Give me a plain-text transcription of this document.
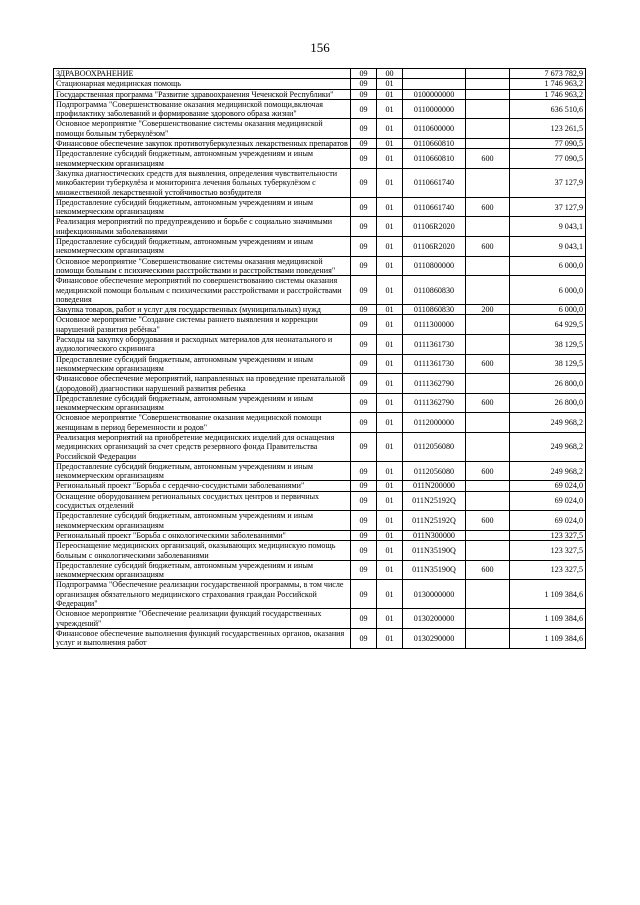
156
ЗДРАВООХРАНЕНИЕ	09	00			7 673 782,9
Стационарная медицинская помощь	09	01			1 746 963,2
Государственная программа "Развитие здравоохранения Чеченской Республики"	09	01	0100000000		1 746 963,2
Подпрограмма "Совершенствование оказания медицинской помощи,включая профилактику заболеваний и формирование здорового образа жизни"	09	01	0110000000		636 510,6
Основное мероприятие "Совершенствование системы оказания медицинской помощи больным туберкулёзом"	09	01	0110600000		123 261,5
Финансовое обеспечение закупок противотуберкулезных лекарственных препаратов	09	01	0110660810		77 090,5
Предоставление субсидий бюджетным, автономным учреждениям и иным некоммерческим организациям	09	01	0110660810	600	77 090,5
Закупка диагностических средств для выявления, определения чувствительности микобактерии туберкулёза и мониторинга лечения больных туберкулёзом с множественной лекарственной устойчивостью возбудителя	09	01	0110661740		37 127,9
Предоставление субсидий бюджетным, автономным учреждениям и иным некоммерческим организациям	09	01	0110661740	600	37 127,9
Реализация мероприятий по предупреждению и борьбе с социально значимыми инфекционными заболеваниями	09	01	01106R2020		9 043,1
Предоставление субсидий бюджетным, автономным учреждениям и иным некоммерческим организациям	09	01	01106R2020	600	9 043,1
Основное мероприятие "Совершенствование системы оказания медицинской помощи больным с психическими расстройствами и расстройствами поведения"	09	01	0110800000		6 000,0
Финансовое обеспечение мероприятий по совершенствованию системы оказания медицинской помощи больным с психическими расстройствами и расстройствами поведения	09	01	0110860830		6 000,0
Закупка товаров, работ и услуг для государственных (муниципальных) нужд	09	01	0110860830	200	6 000,0
Основное мероприятие "Создание системы раннего выявления и коррекции нарушений развития ребёнка"	09	01	0111300000		64 929,5
Расходы на закупку оборудования и расходных материалов для неонатального и аудиологического скрининга	09	01	0111361730		38 129,5
Предоставление субсидий бюджетным, автономным учреждениям и иным некоммерческим организациям	09	01	0111361730	600	38 129,5
Финансовое обеспечение мероприятий, направленных на проведение пренатальной (дородовой) диагностики нарушений развития ребенка	09	01	0111362790		26 800,0
Предоставление субсидий бюджетным, автономным учреждениям и иным некоммерческим организациям	09	01	0111362790	600	26 800,0
Основное мероприятие "Совершенствование оказания медицинской помощи женщинам в период беременности и родов"	09	01	0112000000		249 968,2
Реализация мероприятий на приобретение медицинских изделий для оснащения медицинских организаций за счет средств резервного фонда Правительства Российской Федерации	09	01	0112056080		249 968,2
Предоставление субсидий бюджетным, автономным учреждениям и иным некоммерческим организациям	09	01	0112056080	600	249 968,2
Региональный проект "Борьба с сердечно-сосудистыми заболеваниями"	09	01	011N200000		69 024,0
Оснащение оборудованием региональных сосудистых центров и первичных сосудистых отделений	09	01	011N25192Q		69 024,0
Предоставление субсидий бюджетным, автономным учреждениям и иным некоммерческим организациям	09	01	011N25192Q	600	69 024,0
Региональный проект "Борьба с онкологическими заболеваниями"	09	01	011N300000		123 327,5
Переоснащение медицинских организаций, оказывающих медицинскую помощь больным с онкологическими заболеваниями	09	01	011N35190Q		123 327,5
Предоставление субсидий бюджетным, автономным учреждениям и иным некоммерческим организациям	09	01	011N35190Q	600	123 327,5
Подпрограмма "Обеспечение реализации государственной программы, в том числе организация обязательного медицинского страхования граждан Российской Федерации"	09	01	0130000000		1 109 384,6
Основное мероприятие "Обеспечение реализации функций государственных учреждений"	09	01	0130200000		1 109 384,6
Финансовое обеспечение выполнения функций государственных органов, оказания услуг и выполнения работ	09	01	0130290000		1 109 384,6
